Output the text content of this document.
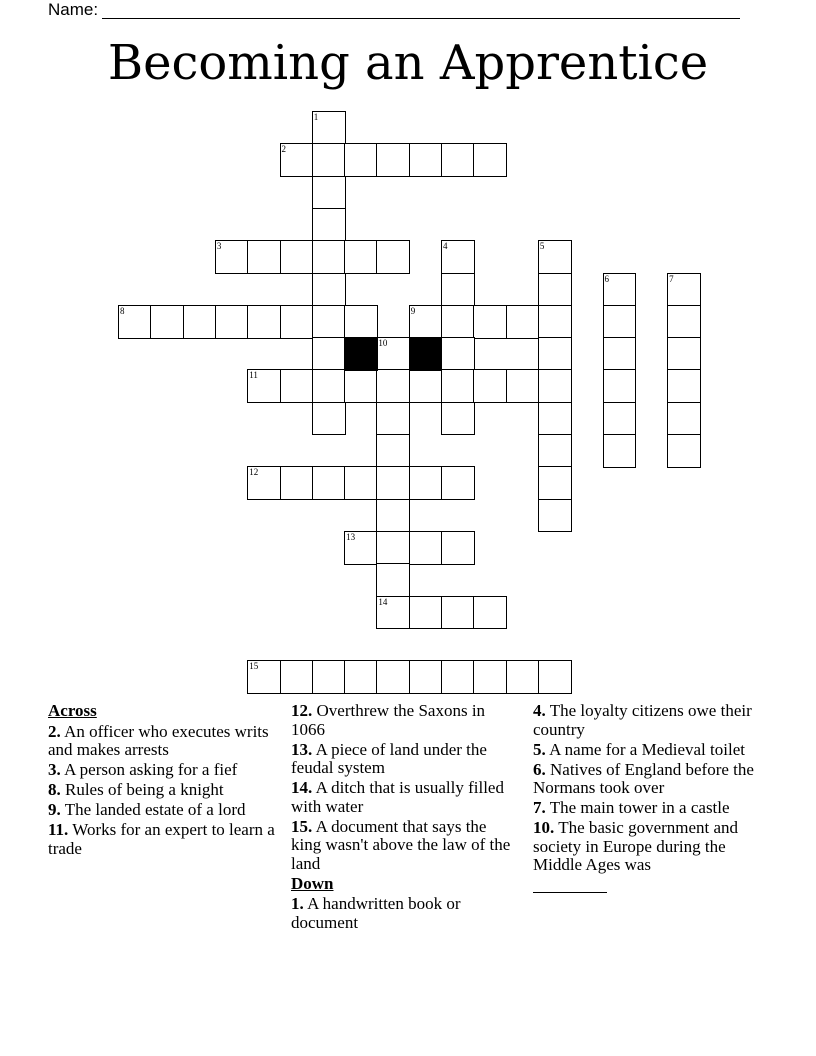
Name:
Becoming an Apprentice
1
2
3	4	5
6	7
8	9
10
11
12
13
14
15
Across
2. An officer who executes writs and makes arrests
3. A person asking for a fief
8. Rules of being a knight
9. The landed estate of a lord
11. Works for an expert to learn a trade
12. Overthrew the Saxons in 1066
13. A piece of land under the feudal system
14. A ditch that is usually filled with water
15. A document that says the king wasn't above the law of the land
Down
1. A handwritten book or document
4. The loyalty citizens owe their country
5. A name for a Medieval toilet
6. Natives of England before the Normans took over
7. The main tower in a castle
10. The basic government and society in Europe during the Middle Ages was
